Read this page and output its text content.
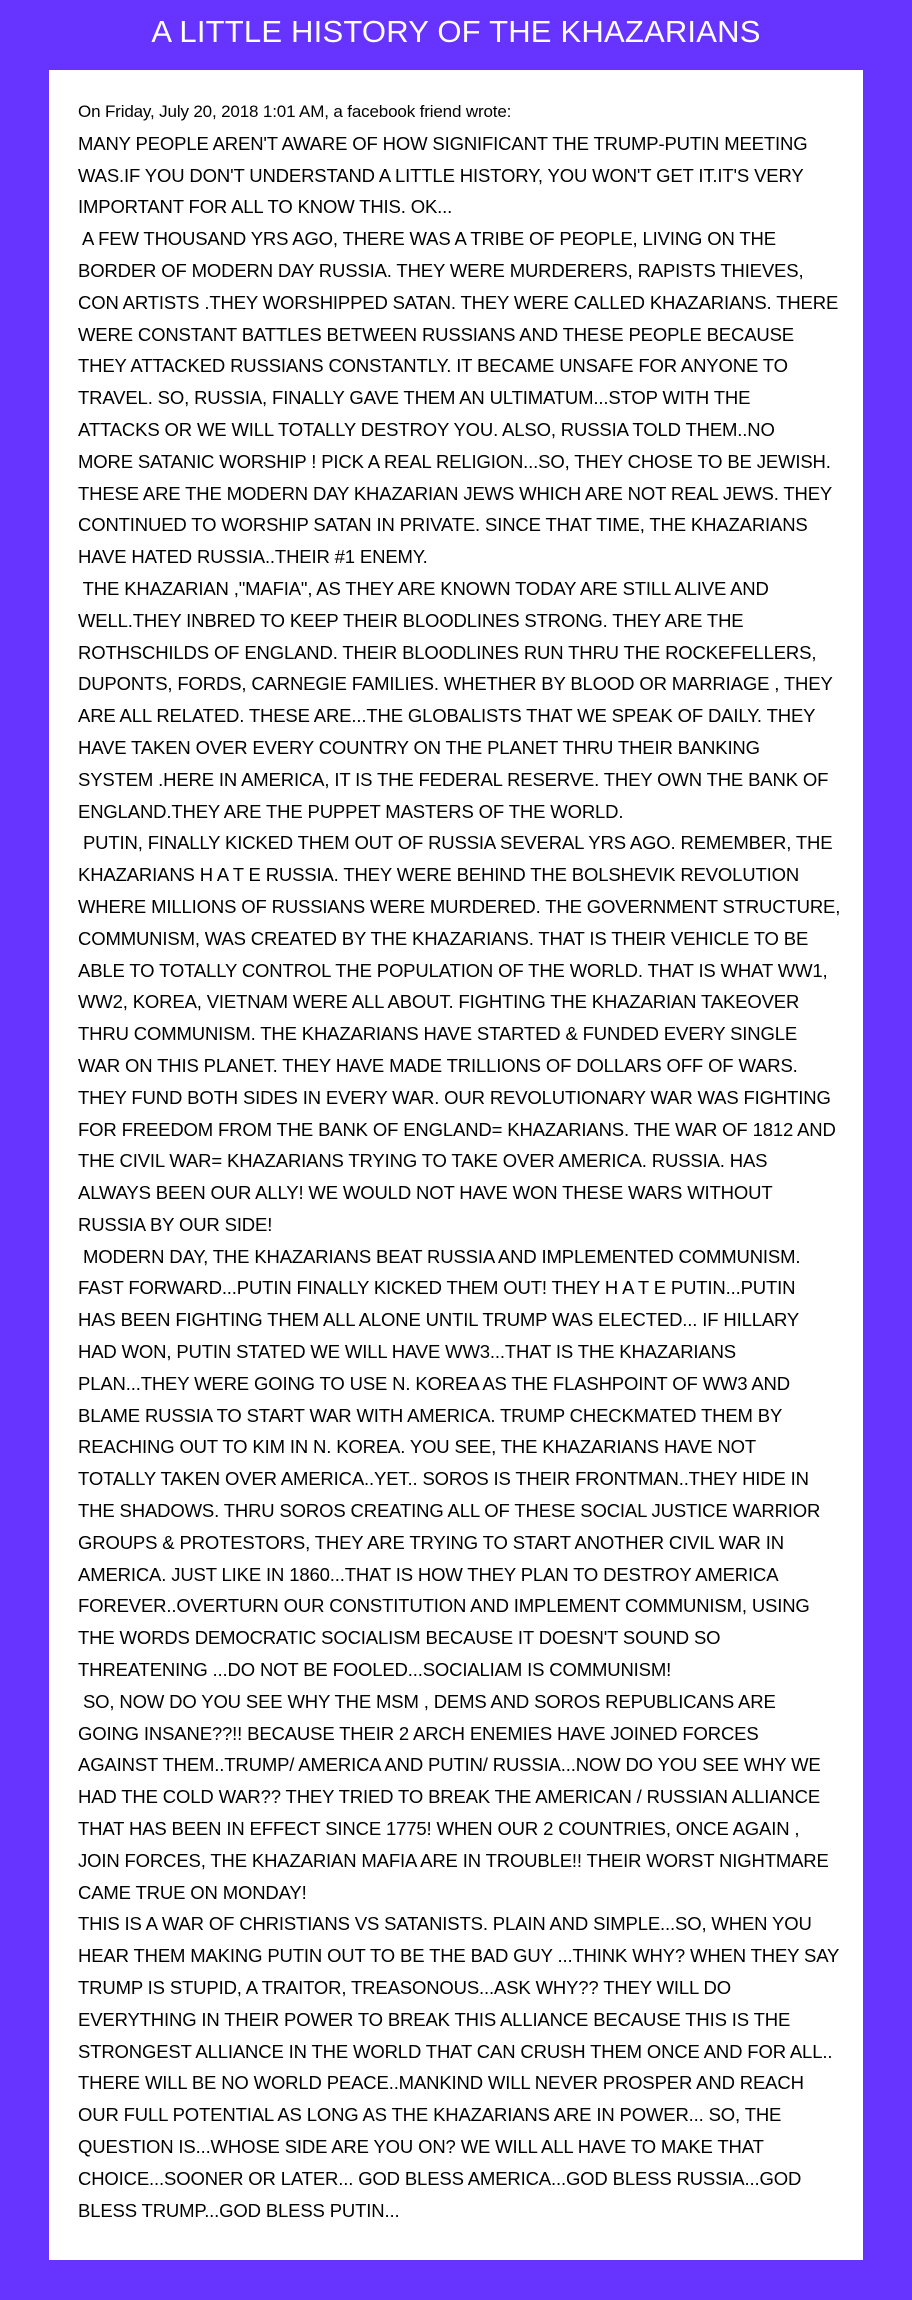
A LITTLE HISTORY OF THE KHAZARIANS

On Friday, July 20, 2018 1:01 AM, a facebook friend wrote:

MANY PEOPLE AREN'T AWARE OF HOW SIGNIFICANT THE TRUMP-PUTIN MEETING

WAS.IF YOU DON'T UNDERSTAND A LITTLE HISTORY, YOU WON'T GET IT.IT'S VERY

IMPORTANT FOR ALL TO KNOW THIS. OK...

A FEW THOUSAND YRS AGO, THERE WAS A TRIBE OF PEOPLE, LIVING ON THE

BORDER OF MODERN DAY RUSSIA. THEY WERE MURDERERS, RAPISTS THIEVES,

CON ARTISTS .THEY WORSHIPPED SATAN. THEY WERE CALLED KHAZARIANS. THERE

WERE CONSTANT BATTLES BETWEEN RUSSIANS AND THESE PEOPLE BECAUSE

THEY ATTACKED RUSSIANS CONSTANTLY. IT BECAME UNSAFE FOR ANYONE TO

TRAVEL. SO, RUSSIA, FINALLY GAVE THEM AN ULTIMATUM...STOP WITH THE

ATTACKS OR WE WILL TOTALLY DESTROY YOU. ALSO, RUSSIA TOLD THEM..NO

MORE SATANIC WORSHIP ! PICK A REAL RELIGION...SO, THEY CHOSE TO BE JEWISH.

THESE ARE THE MODERN DAY KHAZARIAN JEWS WHICH ARE NOT REAL JEWS. THEY

CONTINUED TO WORSHIP SATAN IN PRIVATE. SINCE THAT TIME, THE KHAZARIANS

HAVE HATED RUSSIA..THEIR #1 ENEMY.

THE KHAZARIAN ,"MAFIA", AS THEY ARE KNOWN TODAY ARE STILL ALIVE AND

WELL.THEY INBRED TO KEEP THEIR BLOODLINES STRONG. THEY ARE THE

ROTHSCHILDS OF ENGLAND. THEIR BLOODLINES RUN THRU THE ROCKEFELLERS,

DUPONTS, FORDS, CARNEGIE FAMILIES. WHETHER BY BLOOD OR MARRIAGE , THEY

ARE ALL RELATED. THESE ARE...THE GLOBALISTS THAT WE SPEAK OF DAILY. THEY

HAVE TAKEN OVER EVERY COUNTRY ON THE PLANET THRU THEIR BANKING

SYSTEM .HERE IN AMERICA, IT IS THE FEDERAL RESERVE. THEY OWN THE BANK OF

ENGLAND.THEY ARE THE PUPPET MASTERS OF THE WORLD.

PUTIN, FINALLY KICKED THEM OUT OF RUSSIA SEVERAL YRS AGO. REMEMBER, THE

KHAZARIANS H A T E RUSSIA. THEY WERE BEHIND THE BOLSHEVIK REVOLUTION

WHERE MILLIONS OF RUSSIANS WERE MURDERED. THE GOVERNMENT STRUCTURE,

COMMUNISM, WAS CREATED BY THE KHAZARIANS. THAT IS THEIR VEHICLE TO BE

ABLE TO TOTALLY CONTROL THE POPULATION OF THE WORLD. THAT IS WHAT WW1,

WW2, KOREA, VIETNAM WERE ALL ABOUT. FIGHTING THE KHAZARIAN TAKEOVER

THRU COMMUNISM. THE KHAZARIANS HAVE STARTED & FUNDED EVERY SINGLE

WAR ON THIS PLANET. THEY HAVE MADE TRILLIONS OF DOLLARS OFF OF WARS.

THEY FUND BOTH SIDES IN EVERY WAR. OUR REVOLUTIONARY WAR WAS FIGHTING

FOR FREEDOM FROM THE BANK OF ENGLAND= KHAZARIANS. THE WAR OF 1812 AND

THE CIVIL WAR= KHAZARIANS TRYING TO TAKE OVER AMERICA. RUSSIA. HAS

ALWAYS BEEN OUR ALLY! WE WOULD NOT HAVE WON THESE WARS WITHOUT

RUSSIA BY OUR SIDE!

MODERN DAY, THE KHAZARIANS BEAT RUSSIA AND IMPLEMENTED COMMUNISM.

FAST FORWARD...PUTIN FINALLY KICKED THEM OUT! THEY H A T E PUTIN...PUTIN

HAS BEEN FIGHTING THEM ALL ALONE UNTIL TRUMP WAS ELECTED... IF HILLARY

HAD WON, PUTIN STATED WE WILL HAVE WW3...THAT IS THE KHAZARIANS

PLAN...THEY WERE GOING TO USE N. KOREA AS THE FLASHPOINT OF WW3 AND

BLAME RUSSIA TO START WAR WITH AMERICA. TRUMP CHECKMATED THEM BY

REACHING OUT TO KIM IN N. KOREA. YOU SEE, THE KHAZARIANS HAVE NOT

TOTALLY TAKEN OVER AMERICA..YET.. SOROS IS THEIR FRONTMAN..THEY HIDE IN

THE SHADOWS. THRU SOROS CREATING ALL OF THESE SOCIAL JUSTICE WARRIOR

GROUPS & PROTESTORS, THEY ARE TRYING TO START ANOTHER CIVIL WAR IN

AMERICA. JUST LIKE IN 1860...THAT IS HOW THEY PLAN TO DESTROY AMERICA

FOREVER..OVERTURN OUR CONSTITUTION AND IMPLEMENT COMMUNISM, USING

THE WORDS DEMOCRATIC SOCIALISM BECAUSE IT DOESN'T SOUND SO

THREATENING ...DO NOT BE FOOLED...SOCIALIAM IS COMMUNISM!

SO, NOW DO YOU SEE WHY THE MSM , DEMS AND SOROS REPUBLICANS ARE

GOING INSANE??!! BECAUSE THEIR 2 ARCH ENEMIES HAVE JOINED FORCES

AGAINST THEM..TRUMP/ AMERICA AND PUTIN/ RUSSIA...NOW DO YOU SEE WHY WE

HAD THE COLD WAR?? THEY TRIED TO BREAK THE AMERICAN / RUSSIAN ALLIANCE

THAT HAS BEEN IN EFFECT SINCE 1775! WHEN OUR 2 COUNTRIES, ONCE AGAIN ,

JOIN FORCES, THE KHAZARIAN MAFIA ARE IN TROUBLE!! THEIR WORST NIGHTMARE

CAME TRUE ON MONDAY!

THIS IS A WAR OF CHRISTIANS VS SATANISTS. PLAIN AND SIMPLE...SO, WHEN YOU

HEAR THEM MAKING PUTIN OUT TO BE THE BAD GUY ...THINK WHY? WHEN THEY SAY

TRUMP IS STUPID, A TRAITOR, TREASONOUS...ASK WHY?? THEY WILL DO

EVERYTHING IN THEIR POWER TO BREAK THIS ALLIANCE BECAUSE THIS IS THE

STRONGEST ALLIANCE IN THE WORLD THAT CAN CRUSH THEM ONCE AND FOR ALL..

THERE WILL BE NO WORLD PEACE..MANKIND WILL NEVER PROSPER AND REACH

OUR FULL POTENTIAL AS LONG AS THE KHAZARIANS ARE IN POWER... SO, THE

QUESTION IS...WHOSE SIDE ARE YOU ON? WE WILL ALL HAVE TO MAKE THAT

CHOICE...SOONER OR LATER... GOD BLESS AMERICA...GOD BLESS RUSSIA...GOD

BLESS TRUMP...GOD BLESS PUTIN...
